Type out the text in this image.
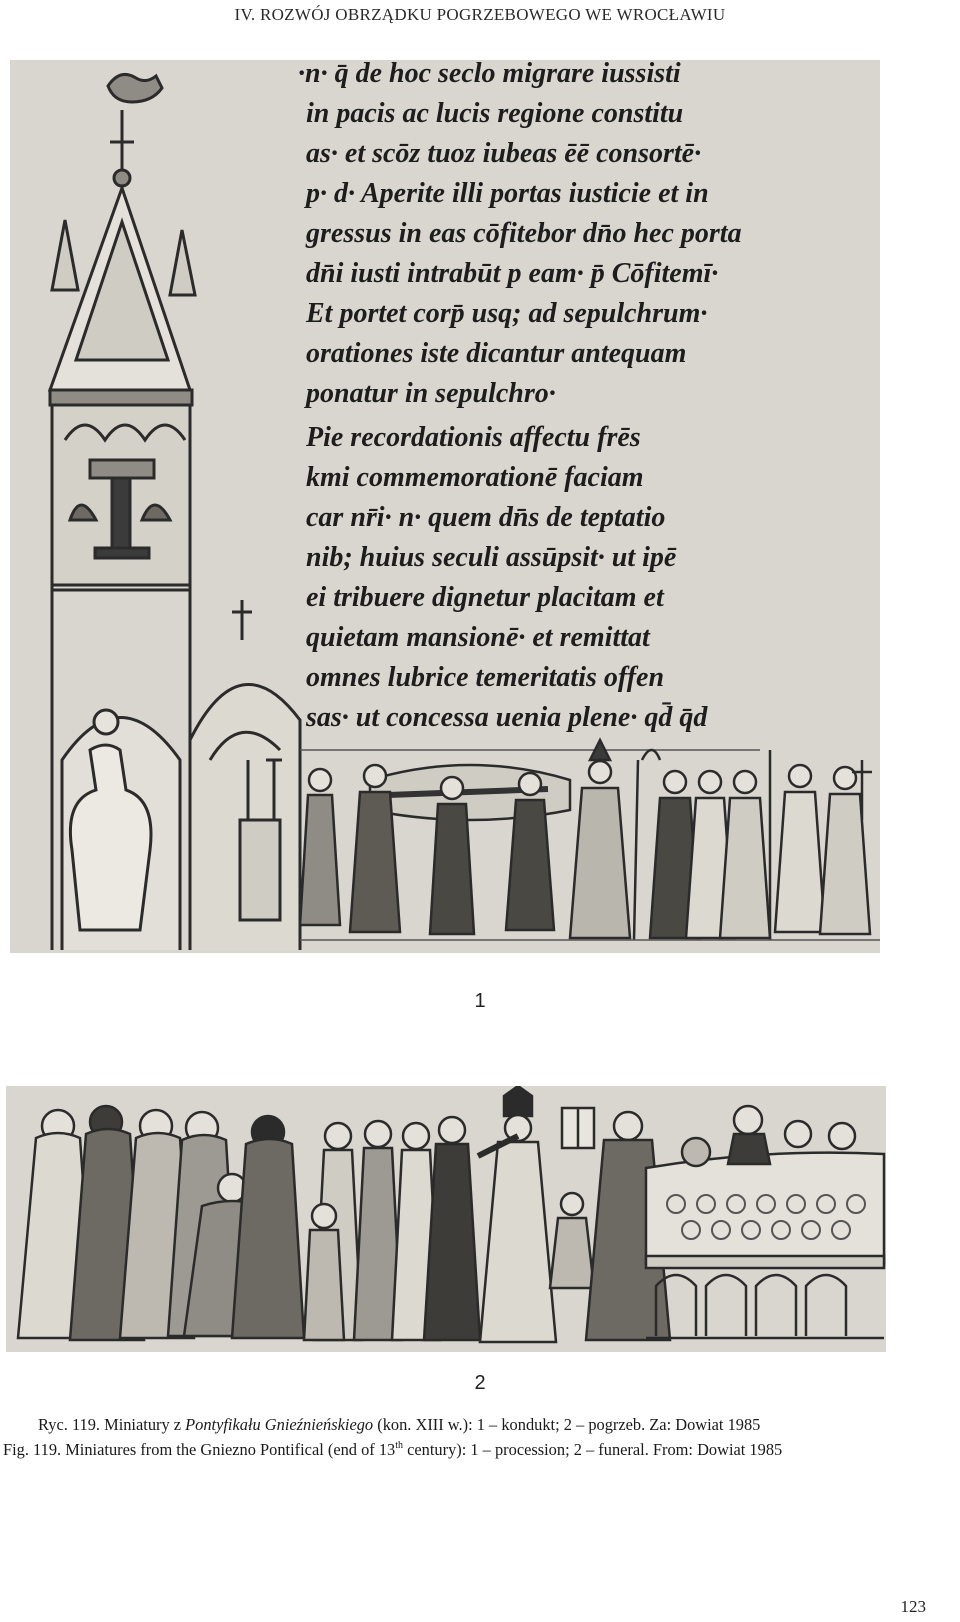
IV. ROZWÓJ OBRZĄDKU POGRZEBOWEGO WE WROCŁAWIU
·n· q̄ de hoc seclo migrare iussisti
in pacis ac lucis regione constitu
as· et scōz tuoz iubeas ēē consortē·
p· d· Aperite illi portas iusticie et in
gressus in eas cōfitebor dn̄o hec porta
dn̄i iusti intrabūt p eam· p̄ Cōfitemī·
Et portet corp̄ usq; ad sepulchrum·
orationes iste dicantur antequam
ponatur in sepulchro·
Pie recordationis affectu frēs
kmi commemorationē faciam
car nr̄i· n· quem dn̄s de teptatio
nib; huius seculi assūpsit· ut ipē
ei tribuere dignetur placitam et
quietam mansionē· et remittat
omnes lubrice temeritatis offen
sas· ut concessa uenia plene· qd̄ q̄d
1
2
Ryc. 119. Miniatury z Pontyfikału Gnieźnieńskiego (kon. XIII w.): 1 – kondukt; 2 – pogrzeb. Za: Dowiat 1985
Fig. 119. Miniatures from the Gniezno Pontifical (end of 13th century): 1 – procession; 2 – funeral. From: Dowiat 1985
123
